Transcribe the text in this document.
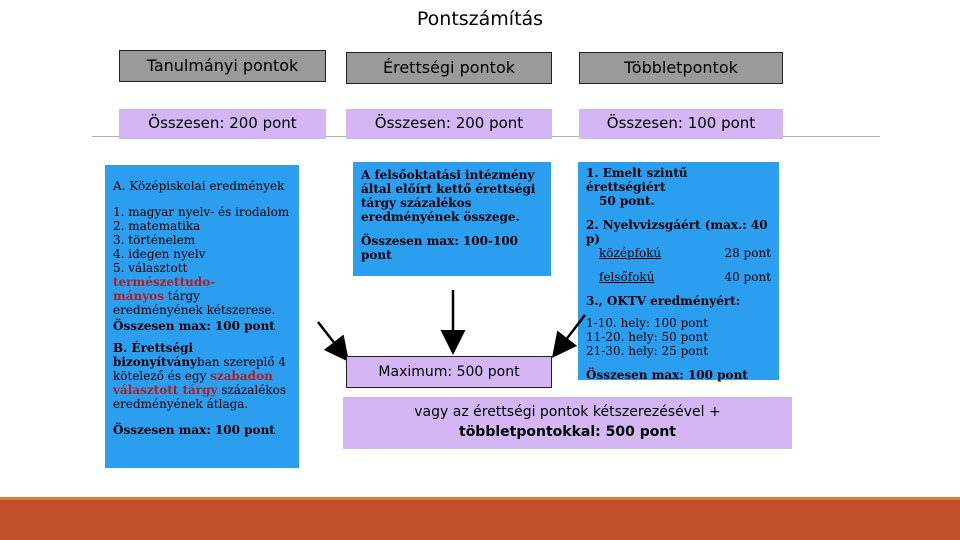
Pontszámítás
Tanulmányi pontok	Érettségi pontok	Többletpontok
Összesen: 200 pont	Összesen: 200 pont	Összesen: 100 pont

A. Középiskolai eredmények

1. magyar nyelv- és irodalom

2. matematika

3. történelem

4. idegen nyelv

5. választott természettudo-
mányos tárgy eredményének kétszerese.

Összesen max: 100 pont

B. Érettségi bizonyítványban szereplő 4 kötelező és egy szabadon választott tárgy százalékos eredményének átlaga.

Összesen max: 100 pont

A felsőoktatási intézmény által előírt kettő érettségi tárgy százalékos eredményének összege.

Összesen max: 100-100 pont

1. Emelt szintű érettségiért

50 pont.

2. Nyelvvizsgáért (max.: 40 p)

középfokú	28 pont
felsőfokú	40 pont

3., OKTV eredményért:

1-10. hely: 100 pont

11-20. hely: 50 pont

21-30. hely: 25 pont

Összesen max: 100 pont

Maximum: 500 pont
vagy az érettségi pontok kétszerezésével +
többletpontokkal: 500 pont
